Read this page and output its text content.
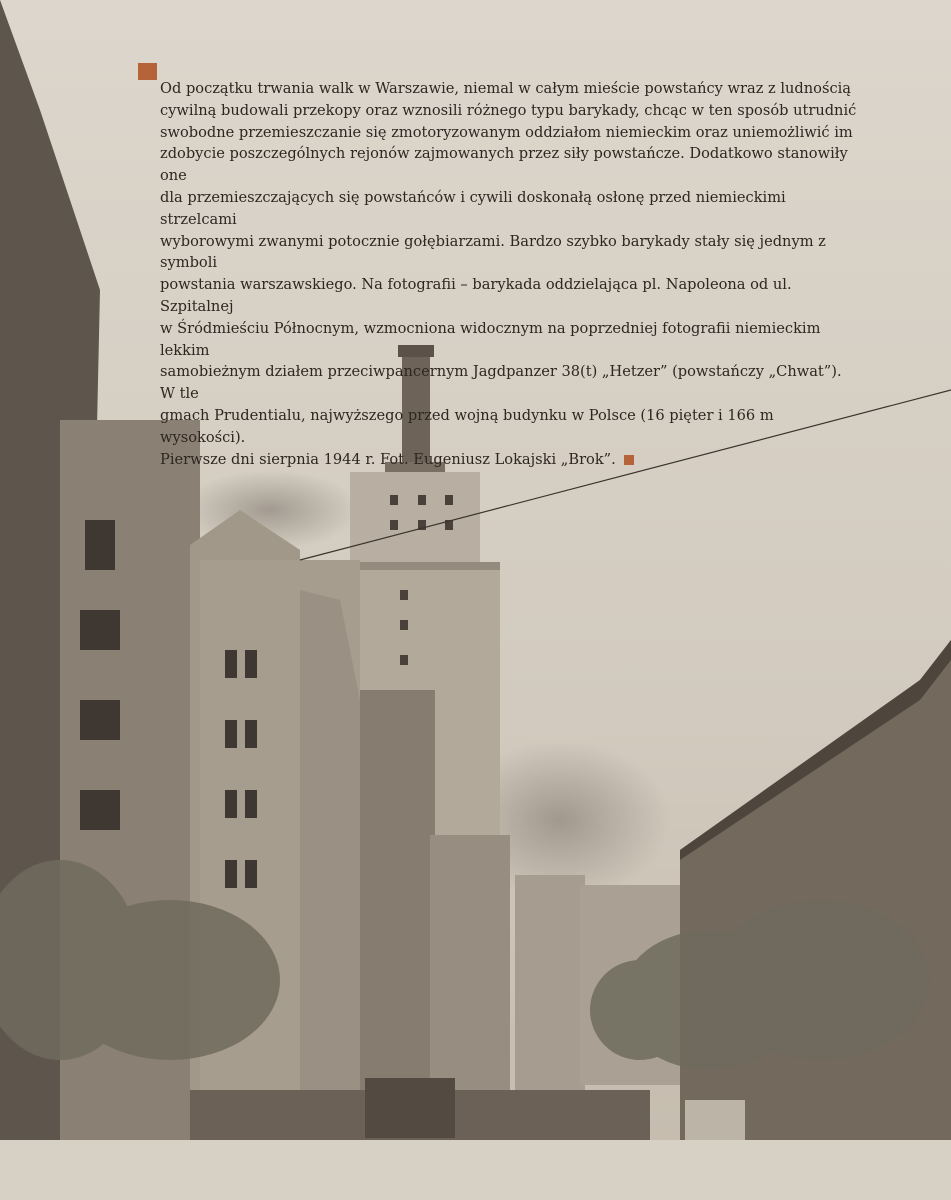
Od początku trwania walk w Warszawie, niemal w całym mieście powstańcy wraz z ludnością

cywilną budowali przekopy oraz wznosili różnego typu barykady, chcąc w ten sposób utrudnić

swobodne przemieszczanie się zmotoryzowanym oddziałom niemieckim oraz uniemożliwić im

zdobycie poszczególnych rejonów zajmowanych przez siły powstańcze. Dodatkowo stanowiły one

dla przemieszczających się powstańców i cywili doskonałą osłonę przed niemieckimi strzelcami

wyborowymi zwanymi potocznie gołębiarzami. Bardzo szybko barykady stały się jednym z symboli

powstania warszawskiego. Na fotografii – barykada oddzielająca pl. Napoleona od ul. Szpitalnej

w Śródmieściu Północnym, wzmocniona widocznym na poprzedniej fotografii niemieckim lekkim

samobieżnym działem przeciwpancernym Jagdpanzer 38(t) „Hetzer” (powstańczy „Chwat”). W tle

gmach Prudentialu, najwyższego przed wojną budynku w Polsce (16 pięter i 166 m wysokości).

Pierwsze dni sierpnia 1944 r. Fot. Eugeniusz Lokajski „Brok”.
